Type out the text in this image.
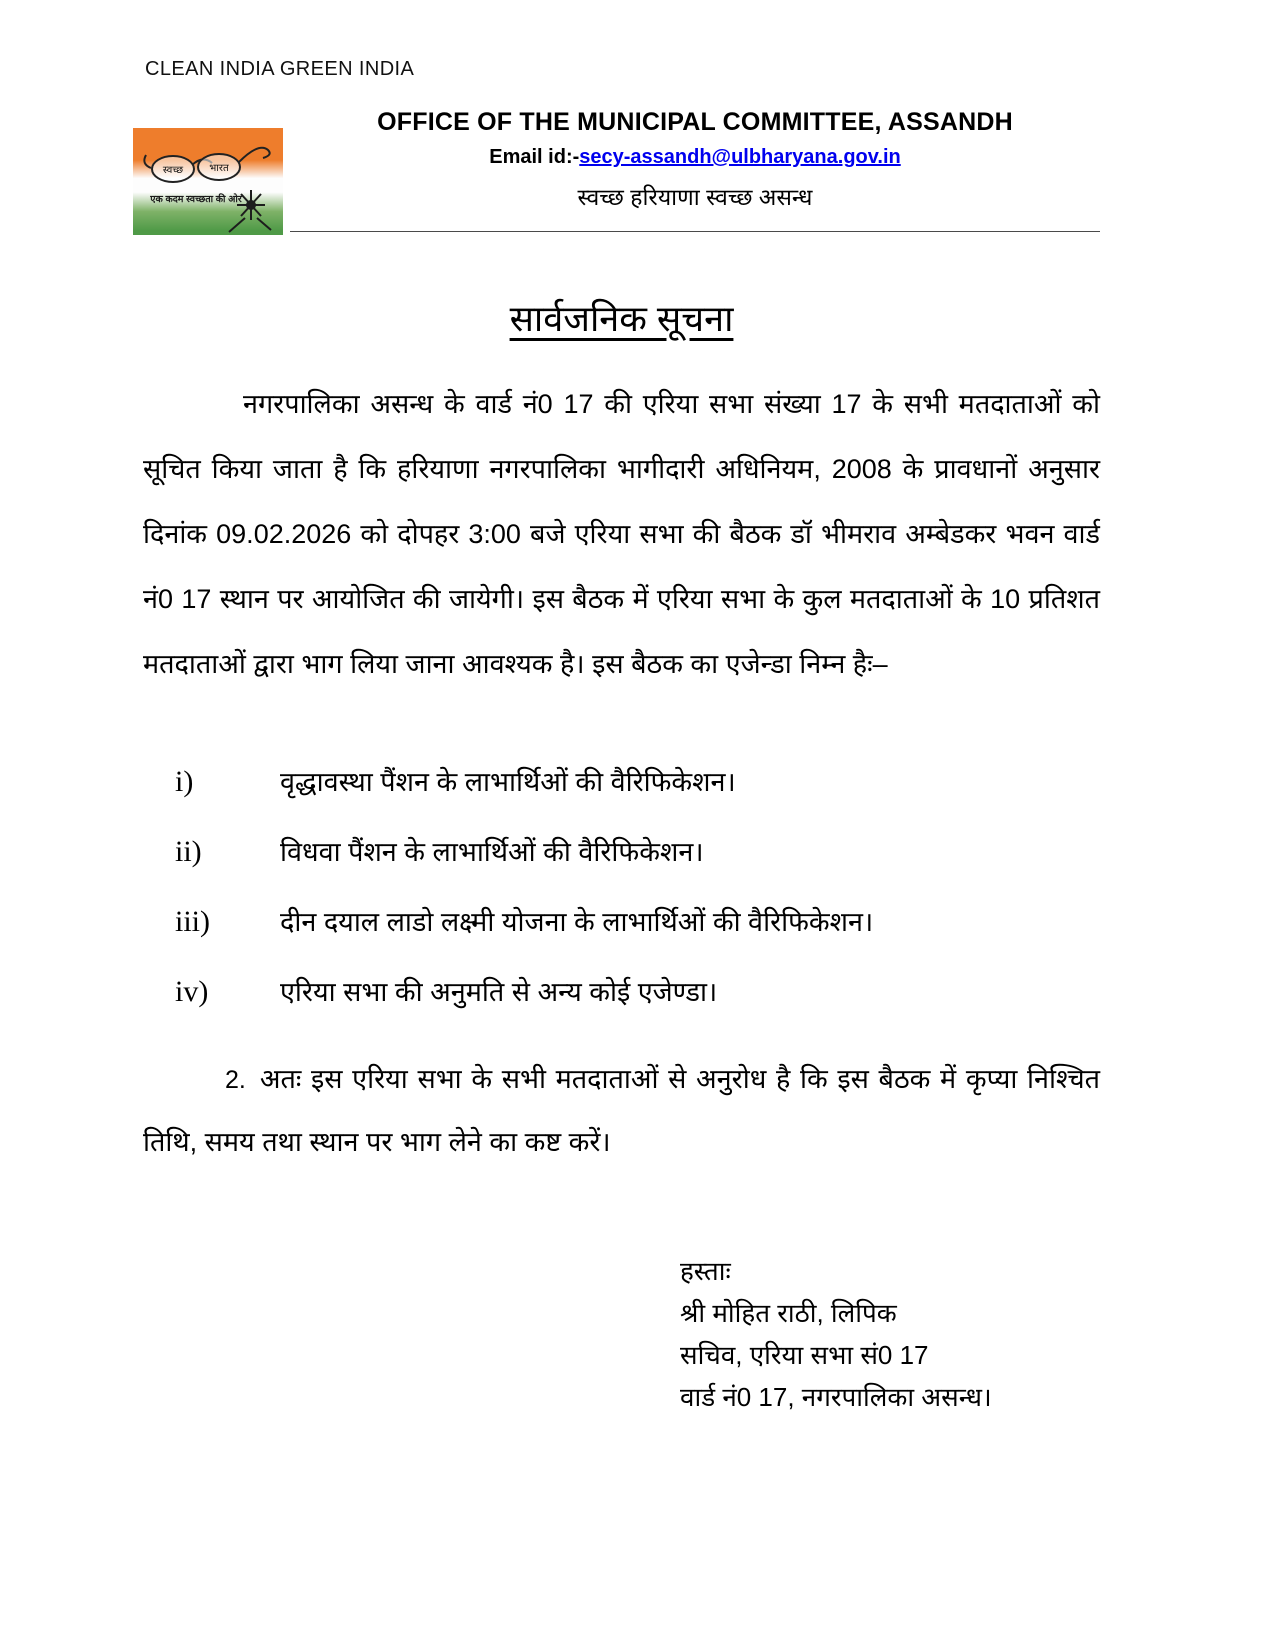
CLEAN INDIA GREEN INDIA
स्वच्छ	भारत
एक कदम स्वच्छता की ओर
OFFICE OF THE MUNICIPAL COMMITTEE, ASSANDH
Email id:-secy-assandh@ulbharyana.gov.in
स्वच्छ हरियाणा स्वच्छ असन्ध
सार्वजनिक सूचना

नगरपालिका असन्ध के वार्ड नं0 17 की एरिया सभा संख्या 17 के सभी मतदाताओं को सूचित किया जाता है कि हरियाणा नगरपालिका भागीदारी अधिनियम, 2008 के प्रावधानों अनुसार दिनांक 09.02.2026 को दोपहर 3:00 बजे एरिया सभा की बैठक डॉ भीमराव अम्बेडकर भवन वार्ड नं0 17 स्थान पर आयोजित की जायेगी। इस बैठक में एरिया सभा के कुल मतदाताओं के 10 प्रतिशत मतदाताओं द्वारा भाग लिया जाना आवश्यक है। इस बैठक का एजेन्डा निम्न हैः–

i)	वृद्धावस्था पैंशन के लाभार्थिओं की वैरिफिकेशन।
ii)	विधवा पैंशन के लाभार्थिओं की वैरिफिकेशन।
iii)	दीन दयाल लाडो लक्ष्मी योजना के लाभार्थिओं की वैरिफिकेशन।
iv)	एरिया सभा की अनुमति से अन्य कोई एजेण्डा।

2. अतः इस एरिया सभा के सभी मतदाताओं से अनुरोध है कि इस बैठक में कृप्या निश्चित तिथि, समय तथा स्थान पर भाग लेने का कष्ट करें।

हस्ताः
श्री मोहित राठी, लिपिक
सचिव, एरिया सभा सं0 17
वार्ड नं0 17, नगरपालिका असन्ध।
